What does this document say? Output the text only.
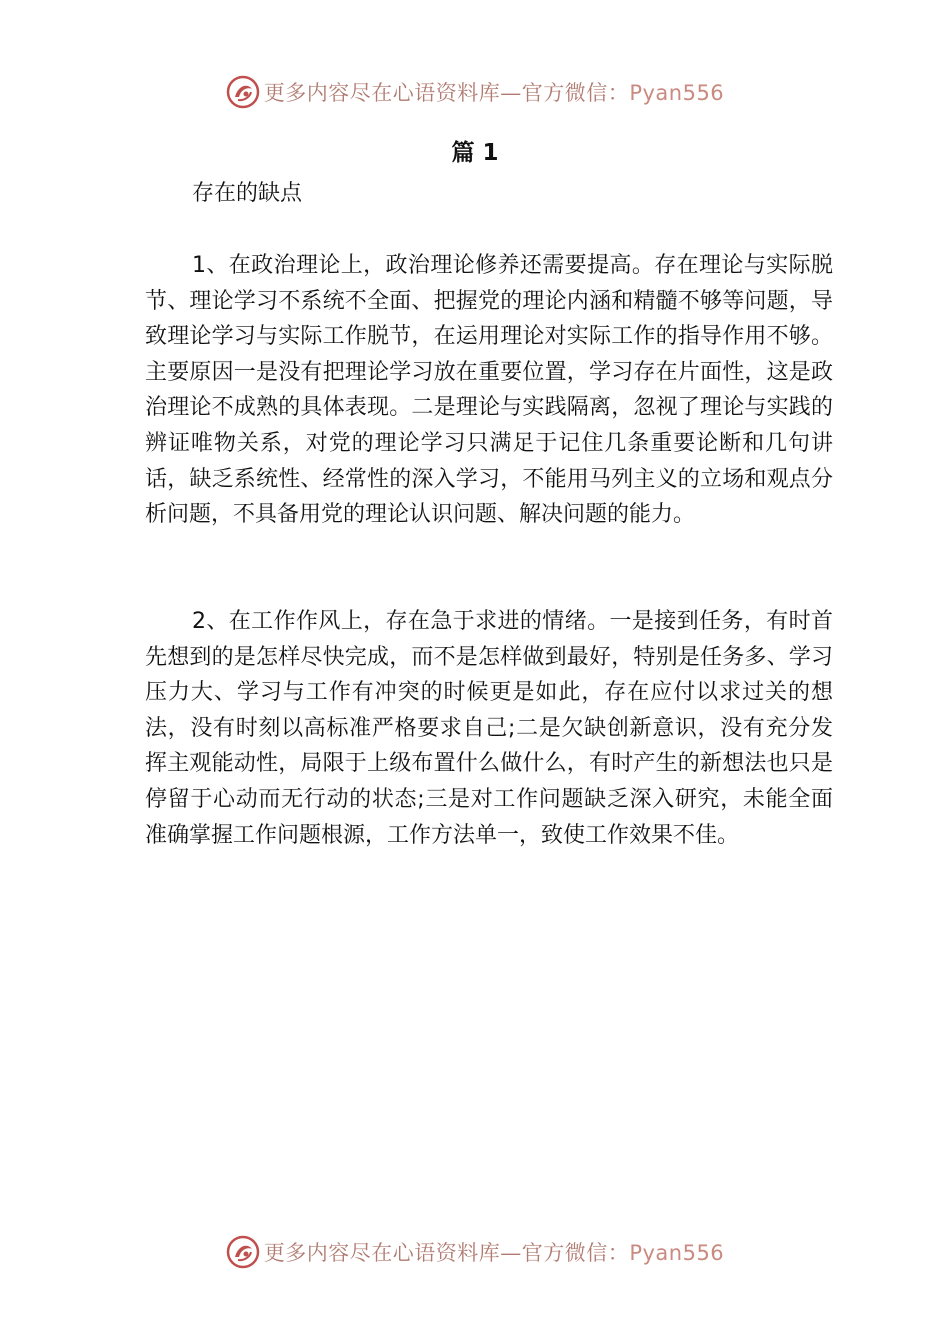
更多内容尽在心语资料库—官方微信：Pyan556
篇 1
存在的缺点

1、在政治理论上，政治理论修养还需要提高。存在理论与实际脱节、理论学习不系统不全面、把握党的理论内涵和精髓不够等问题，导致理论学习与实际工作脱节，在运用理论对实际工作的指导作用不够。主要原因一是没有把理论学习放在重要位置，学习存在片面性，这是政治理论不成熟的具体表现。二是理论与实践隔离，忽视了理论与实践的辨证唯物关系，对党的理论学习只满足于记住几条重要论断和几句讲话，缺乏系统性、经常性的深入学习，不能用马列主义的立场和观点分析问题，不具备用党的理论认识问题、解决问题的能力。

2、在工作作风上，存在急于求进的情绪。一是接到任务，有时首先想到的是怎样尽快完成，而不是怎样做到最好，特别是任务多、学习压力大、学习与工作有冲突的时候更是如此，存在应付以求过关的想法，没有时刻以高标准严格要求自己;二是欠缺创新意识，没有充分发挥主观能动性，局限于上级布置什么做什么，有时产生的新想法也只是停留于心动而无行动的状态;三是对工作问题缺乏深入研究，未能全面准确掌握工作问题根源，工作方法单一，致使工作效果不佳。

更多内容尽在心语资料库—官方微信：Pyan556
